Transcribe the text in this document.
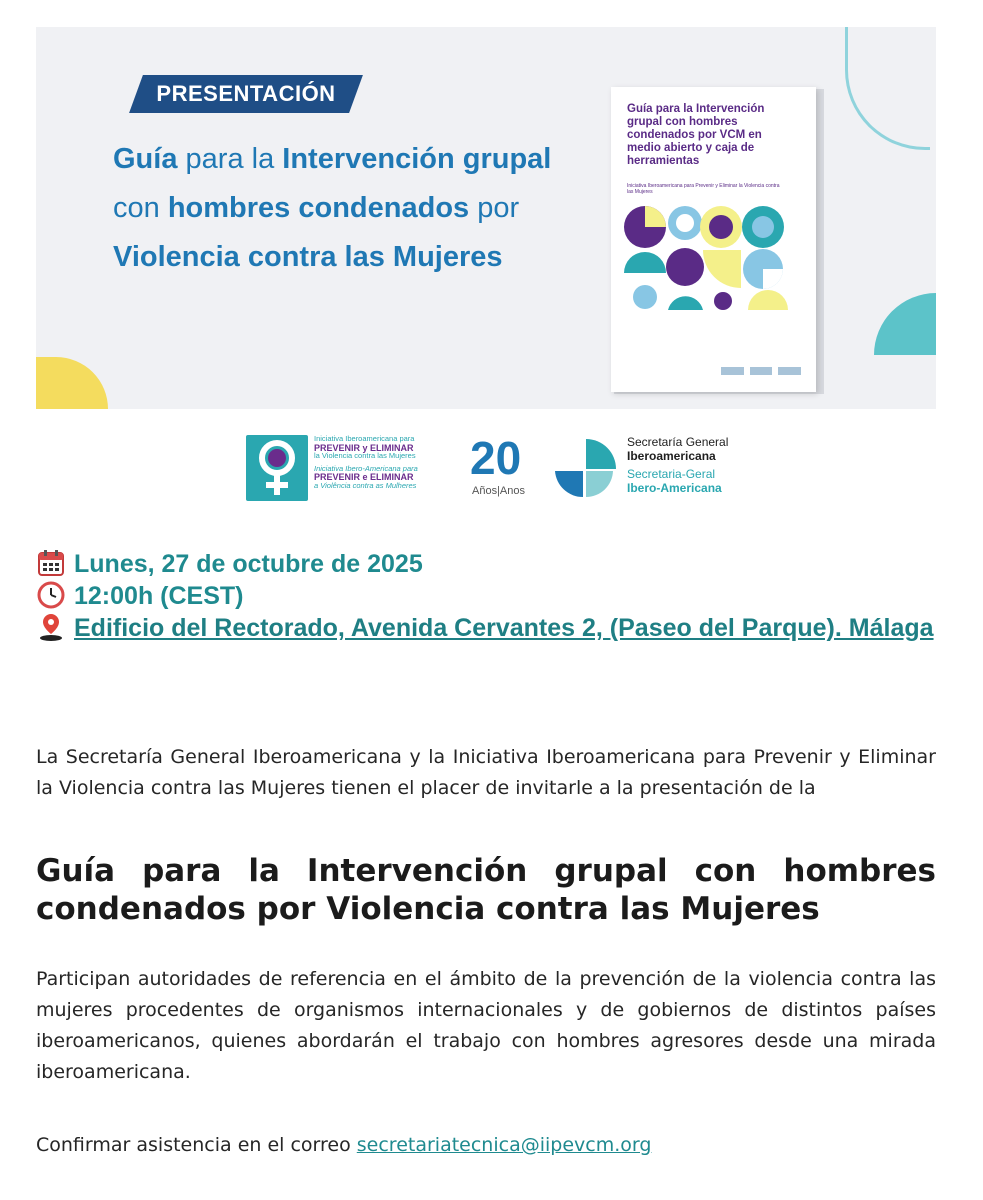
PRESENTACIÓN
Guía para la Intervención grupal
con hombres condenados por
Violencia contra las Mujeres
Guía para la Intervención grupal con hombres condenados por VCM en medio abierto y caja de herramientas
Iniciativa Iberoamericana para Prevenir y Eliminar la Violencia contra las Mujeres
Iniciativa Iberoamericana para
PREVENIR y ELIMINAR
la Violencia contra las Mujeres
Iniciativa Ibero-Americana para
PREVENIR e ELIMINAR
a Violência contra as Mulheres
20
Años|Anos
Secretaría General
Iberoamericana
Secretaria-Geral
Ibero-Americana
Lunes, 27 de octubre de 2025
12:00h (CEST)
Edificio del Rectorado, Avenida Cervantes 2, (Paseo del Parque). Málaga

La Secretaría General Iberoamericana y la Iniciativa Iberoamericana para Prevenir y Eliminar la Violencia contra las Mujeres tienen el placer de invitarle a la presentación de la

Guía para la Intervención grupal con hombres condenados por Violencia contra las Mujeres

Participan autoridades de referencia en el ámbito de la prevención de la violencia contra las mujeres procedentes de organismos internacionales y de gobiernos de distintos países iberoamericanos, quienes abordarán el trabajo con hombres agresores desde una mirada iberoamericana.

Confirmar asistencia en el correo secretariatecnica@iipevcm.org
